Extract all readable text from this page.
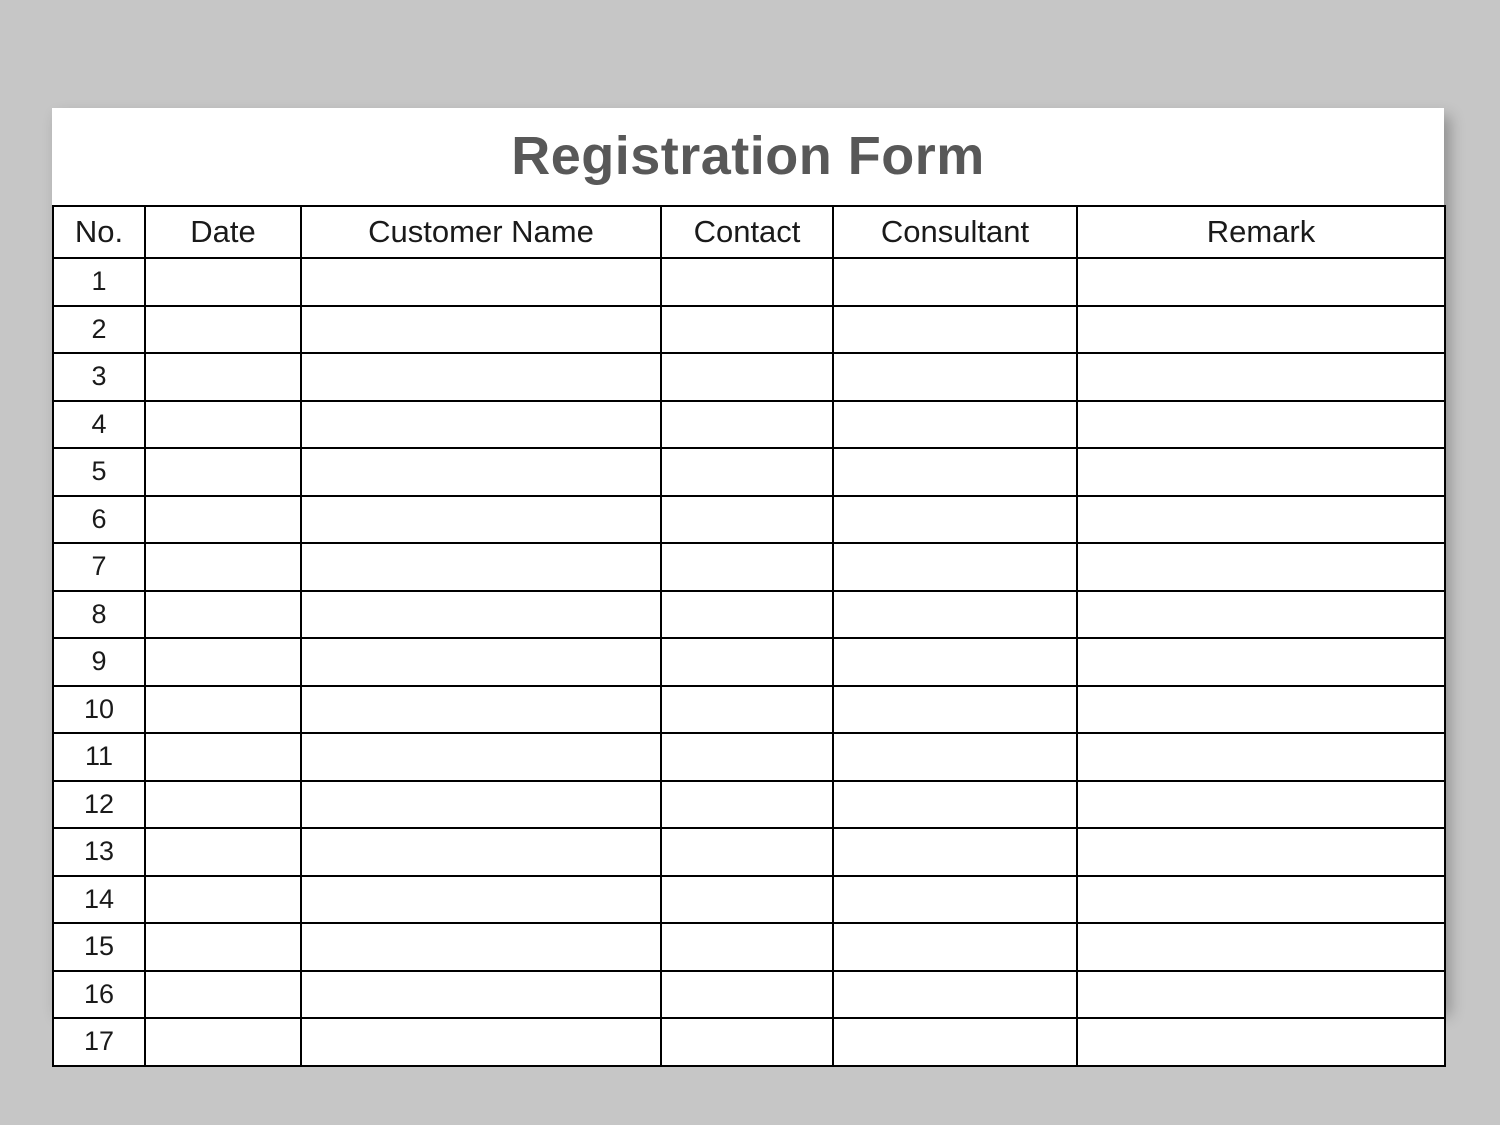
Registration Form
No.	Date	Customer Name	Contact	Consultant	Remark
1					
2					
3					
4					
5					
6					
7					
8					
9					
10					
11					
12					
13					
14					
15					
16					
17					
